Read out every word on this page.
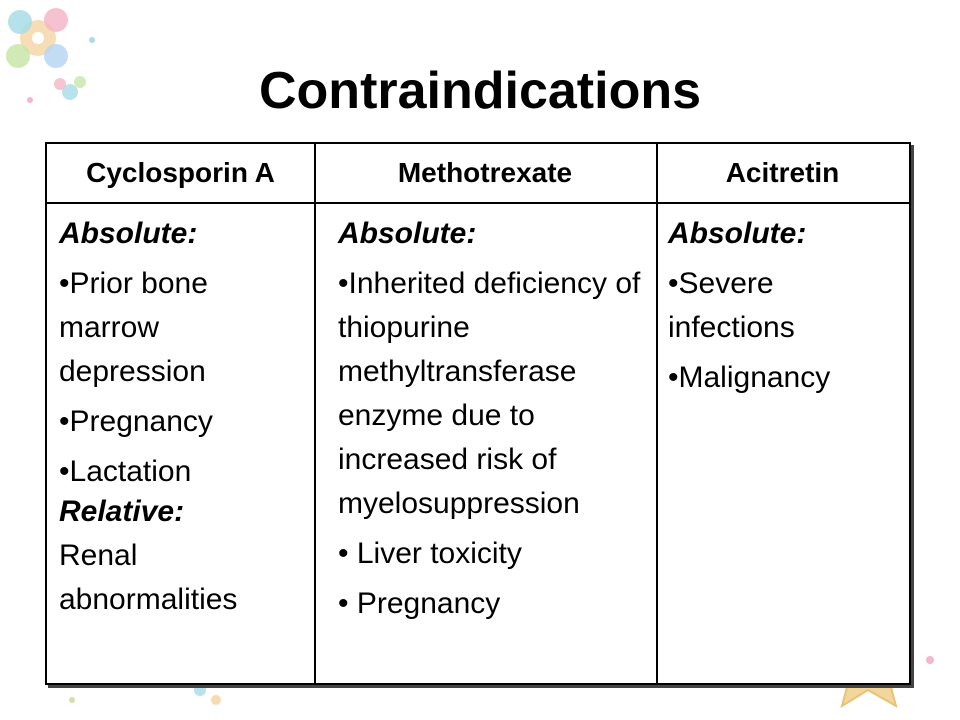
Contraindications
Cyclosporin A	Methotrexate	Acitretin
Absolute:
•Prior bone marrow depression
•Pregnancy
•Lactation
Relative:
Renal abnormalities
Absolute:
•Inherited deficiency of thiopurine methyltransferase enzyme due to increased risk of myelosuppression
• Liver toxicity
• Pregnancy
Absolute:
•Severe infections
•Malignancy
